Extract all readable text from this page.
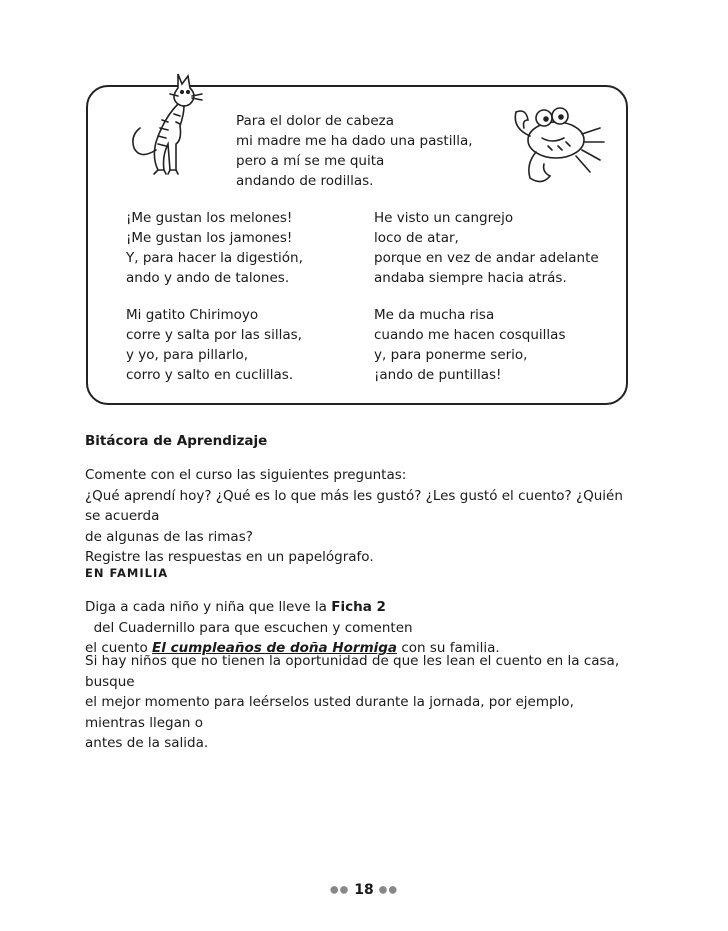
Para el dolor de cabeza
mi madre me ha dado una pastilla,
pero a mí se me quita
andando de rodillas.
¡Me gustan los melones!
¡Me gustan los jamones!
Y, para hacer la digestión,
ando y ando de talones.
Mi gatito Chirimoyo
corre y salta por las sillas,
y yo, para pillarlo,
corro y salto en cuclillas.
He visto un cangrejo
loco de atar,
porque en vez de andar adelante
andaba siempre hacia atrás.
Me da mucha risa
cuando me hacen cosquillas
y, para ponerme serio,
¡ando de puntillas!
Bitácora de Aprendizaje
Comente con el curso las siguientes preguntas:
¿Qué aprendí hoy? ¿Qué es lo que más les gustó? ¿Les gustó el cuento? ¿Quién se acuerda
de algunas de las rimas?
Registre las respuestas en un papelógrafo.
EN FAMILIA
Diga a cada niño y niña que lleve la Ficha 2  del Cuadernillo para que escuchen y comenten
el cuento El cumpleaños de doña Hormiga con su familia.
Si hay niños que no tienen la oportunidad de que les lean el cuento en la casa, busque
el mejor momento para leérselos usted durante la jornada, por ejemplo, mientras llegan o
antes de la salida.
●● 18 ●●
